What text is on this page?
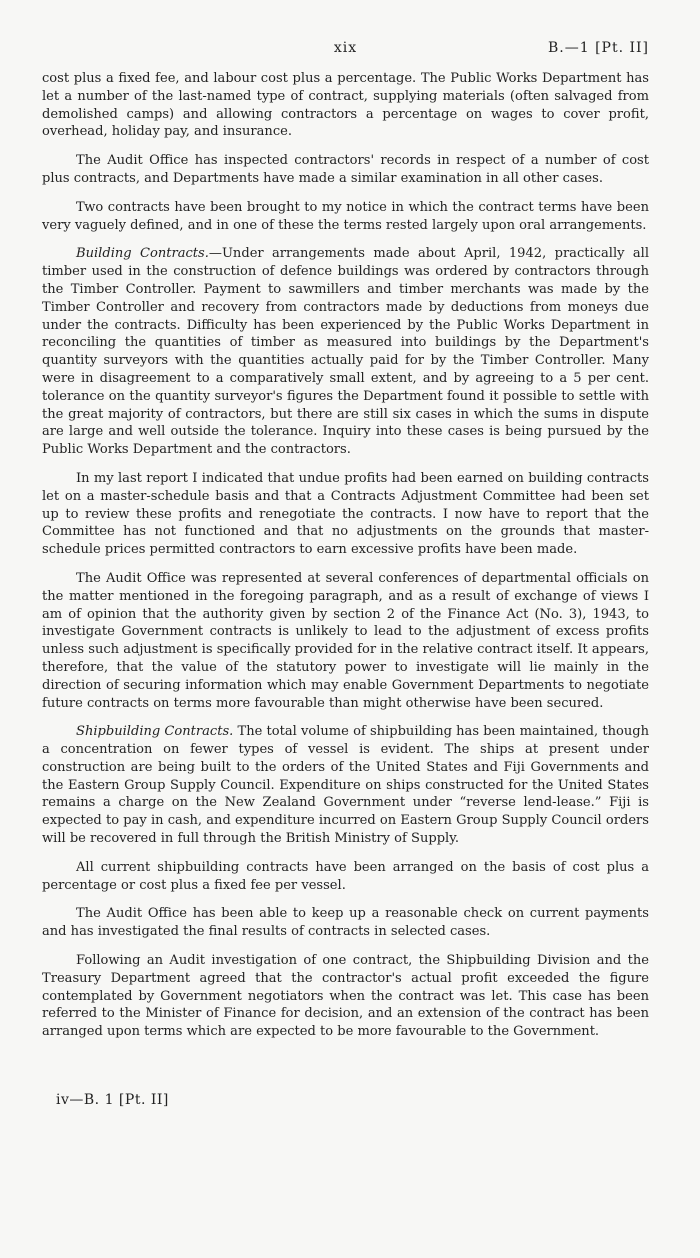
xix	B.—1 [Pt. II]

cost plus a fixed fee, and labour cost plus a percentage. The Public Works Department has let a number of the last-named type of contract, supplying materials (often salvaged from demolished camps) and allowing contractors a percentage on wages to cover profit, overhead, holiday pay, and insurance.

The Audit Office has inspected contractors' records in respect of a number of cost plus contracts, and Departments have made a similar examination in all other cases.

Two contracts have been brought to my notice in which the contract terms have been very vaguely defined, and in one of these the terms rested largely upon oral arrangements.

Building Contracts.—Under arrangements made about April, 1942, practically all timber used in the construction of defence buildings was ordered by contractors through the Timber Controller. Payment to sawmillers and timber merchants was made by the Timber Controller and recovery from contractors made by deductions from moneys due under the contracts. Difficulty has been experienced by the Public Works Department in reconciling the quantities of timber as measured into buildings by the Department's quantity surveyors with the quantities actually paid for by the Timber Controller. Many were in disagreement to a comparatively small extent, and by agreeing to a 5 per cent. tolerance on the quantity surveyor's figures the Department found it possible to settle with the great majority of contractors, but there are still six cases in which the sums in dispute are large and well outside the tolerance. Inquiry into these cases is being pursued by the Public Works Department and the contractors.

In my last report I indicated that undue profits had been earned on building contracts let on a master-schedule basis and that a Contracts Adjustment Committee had been set up to review these profits and renegotiate the contracts. I now have to report that the Committee has not functioned and that no adjustments on the grounds that master-schedule prices permitted contractors to earn excessive profits have been made.

The Audit Office was represented at several conferences of departmental officials on the matter mentioned in the foregoing paragraph, and as a result of exchange of views I am of opinion that the authority given by section 2 of the Finance Act (No. 3), 1943, to investigate Government contracts is unlikely to lead to the adjustment of excess profits unless such adjustment is specifically provided for in the relative contract itself. It appears, therefore, that the value of the statutory power to investigate will lie mainly in the direction of securing information which may enable Government Departments to negotiate future contracts on terms more favourable than might otherwise have been secured.

Shipbuilding Contracts. The total volume of shipbuilding has been maintained, though a concentration on fewer types of vessel is evident. The ships at present under construction are being built to the orders of the United States and Fiji Governments and the Eastern Group Supply Council. Expenditure on ships constructed for the United States remains a charge on the New Zealand Government under “reverse lend-lease.” Fiji is expected to pay in cash, and expenditure incurred on Eastern Group Supply Council orders will be recovered in full through the British Ministry of Supply.

All current shipbuilding contracts have been arranged on the basis of cost plus a percentage or cost plus a fixed fee per vessel.

The Audit Office has been able to keep up a reasonable check on current payments and has investigated the final results of contracts in selected cases.

Following an Audit investigation of one contract, the Shipbuilding Division and the Treasury Department agreed that the contractor's actual profit exceeded the figure contemplated by Government negotiators when the contract was let. This case has been referred to the Minister of Finance for decision, and an extension of the contract has been arranged upon terms which are expected to be more favourable to the Government.

iv—B. 1 [Pt. II]
